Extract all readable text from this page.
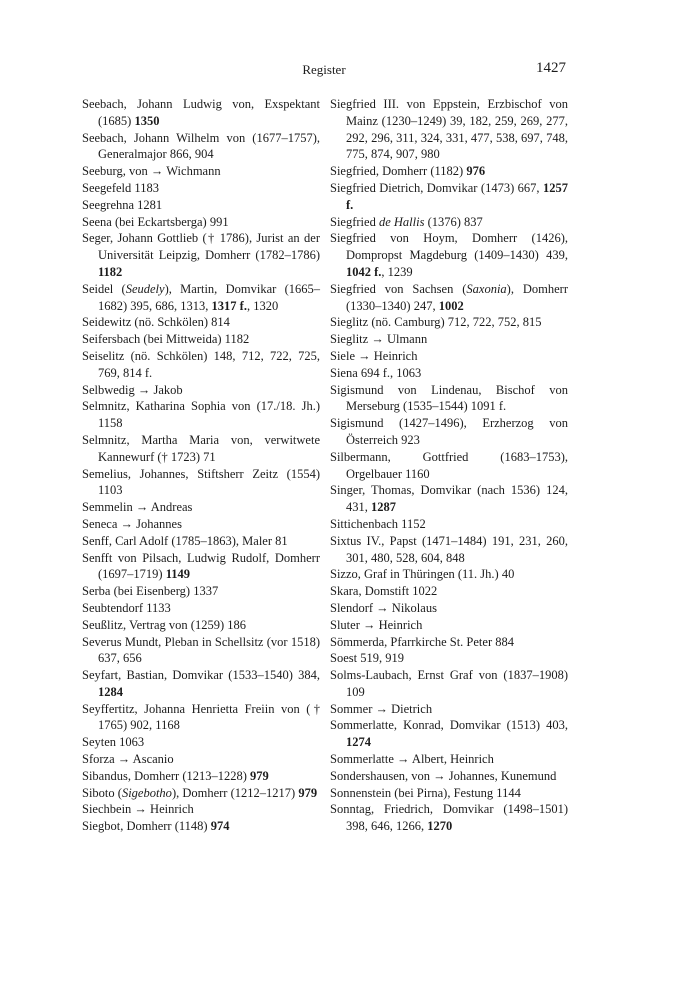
Register	1427

Seebach, Johann Ludwig von, Exspektant (1685) 1350

Seebach, Johann Wilhelm von (1677–1757), Generalmajor 866, 904

Seeburg, von → Wichmann

Seegefeld 1183

Seegrehna 1281

Seena (bei Eckartsberga) 991

Seger, Johann Gottlieb († 1786), Jurist an der Universität Leipzig, Domherr (1782–1786) 1182

Seidel (Seudely), Martin, Domvikar (1665–1682) 395, 686, 1313, 1317 f., 1320

Seidewitz (nö. Schkölen) 814

Seifersbach (bei Mittweida) 1182

Seiselitz (nö. Schkölen) 148, 712, 722, 725, 769, 814 f.

Selbwedig → Jakob

Selmnitz, Katharina Sophia von (17./18. Jh.) 1158

Selmnitz, Martha Maria von, verwitwete Kannewurf († 1723) 71

Semelius, Johannes, Stiftsherr Zeitz (1554) 1103

Semmelin → Andreas

Seneca → Johannes

Senff, Carl Adolf (1785–1863), Maler 81

Senfft von Pilsach, Ludwig Rudolf, Domherr (1697–1719) 1149

Serba (bei Eisenberg) 1337

Seubtendorf 1133

Seußlitz, Vertrag von (1259) 186

Severus Mundt, Pleban in Schellsitz (vor 1518) 637, 656

Seyfart, Bastian, Domvikar (1533–1540) 384, 1284

Seyffertitz, Johanna Henrietta Freiin von († 1765) 902, 1168

Seyten 1063

Sforza → Ascanio

Sibandus, Domherr (1213–1228) 979

Siboto (Sigebotho), Domherr (1212–1217) 979

Siechbein → Heinrich

Siegbot, Domherr (1148) 974

Siegfried III. von Eppstein, Erzbischof von Mainz (1230–1249) 39, 182, 259, 269, 277, 292, 296, 311, 324, 331, 477, 538, 697, 748, 775, 874, 907, 980

Siegfried, Domherr (1182) 976

Siegfried Dietrich, Domvikar (1473) 667, 1257 f.

Siegfried de Hallis (1376) 837

Siegfried von Hoym, Domherr (1426), Dompropst Magdeburg (1409–1430) 439, 1042 f., 1239

Siegfried von Sachsen (Saxonia), Domherr (1330–1340) 247, 1002

Sieglitz (nö. Camburg) 712, 722, 752, 815

Sieglitz → Ulmann

Siele → Heinrich

Siena 694 f., 1063

Sigismund von Lindenau, Bischof von Merseburg (1535–1544) 1091 f.

Sigismund (1427–1496), Erzherzog von Österreich 923

Silbermann, Gottfried (1683–1753), Orgelbauer 1160

Singer, Thomas, Domvikar (nach 1536) 124, 431, 1287

Sittichenbach 1152

Sixtus IV., Papst (1471–1484) 191, 231, 260, 301, 480, 528, 604, 848

Sizzo, Graf in Thüringen (11. Jh.) 40

Skara, Domstift 1022

Slendorf → Nikolaus

Sluter → Heinrich

Sömmerda, Pfarrkirche St. Peter 884

Soest 519, 919

Solms-Laubach, Ernst Graf von (1837–1908) 109

Sommer → Dietrich

Sommerlatte, Konrad, Domvikar (1513) 403, 1274

Sommerlatte → Albert, Heinrich

Sondershausen, von → Johannes, Kunemund

Sonnenstein (bei Pirna), Festung 1144

Sonntag, Friedrich, Domvikar (1498–1501) 398, 646, 1266, 1270
